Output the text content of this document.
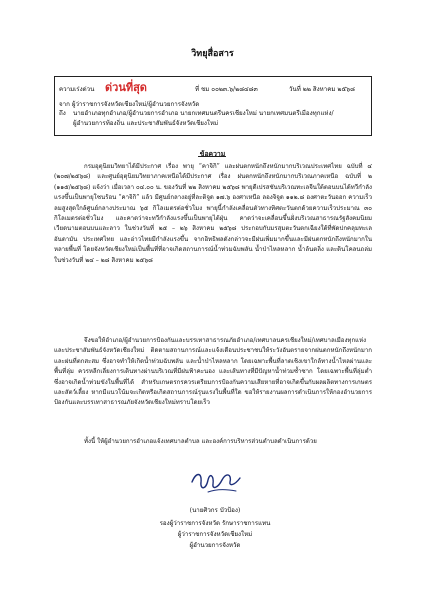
วิทยุสื่อสาร
ความเร่งด่วน ด่วนที่สุด	ที่ ชม ๐๐๒๓.๖/๒๘๔๘๓	วันที่ ๒๒ สิงหาคม ๒๕๖๘
จาก ผู้ว่าราชการจังหวัดเชียงใหม่/ผู้อำนวยการจังหวัด
ถึง นายอำเภอทุกอำเภอ/ผู้อำนวยการอำเภอ นายกเทศมนตรีนครเชียงใหม่ นายกเทศมนตรีเมืองทุกแห่ง/
ผู้อำนวยการท้องถิ่น และประชาสัมพันธ์จังหวัดเชียงใหม่
ข้อความ
กรมอุตุนิยมวิทยาได้มีประกาศ เรื่อง พายุ “คาจิกิ” และฝนตกหนักถึงหนักมากบริเวณประเทศไทย ฉบับที่ ๔ (๒๐๗/๒๕๖๘) และศูนย์อุตุนิยมวิทยาภาคเหนือได้มีประกาศ เรื่อง ฝนตกหนักถึงหนักมากบริเวณภาคเหนือ ฉบับที่ ๒ (๑๑๕/๒๕๖๘) แจ้งว่า เมื่อเวลา ๐๔.๐๐ น. ของวันที่ ๒๒ สิงหาคม ๒๕๖๘ พายุดีเปรสชันบริเวณทะเลจีนใต้ตอนบนได้ทวีกำลังแรงขึ้นเป็นพายุโซนร้อน “คาจิกิ” แล้ว มีศูนย์กลางอยู่ที่ละติจูด ๑๗.๖ องศาเหนือ ลองจิจูด ๑๑๒.๘ องศาตะวันออก ความเร็วลมสูงสุดใกล้ศูนย์กลางประมาณ ๖๕ กิโลเมตรต่อชั่วโมง พายุนี้กำลังเคลื่อนตัวทางทิศตะวันตกด้วยความเร็วประมาณ ๓๐ กิโลเมตรต่อชั่วโมง และคาดว่าจะทวีกำลังแรงขึ้นเป็นพายุไต้ฝุ่น คาดว่าจะเคลื่อนขึ้นฝั่งบริเวณสาธารณรัฐสังคมนิยมเวียดนามตอนบนและลาว ในช่วงวันที่ ๒๕ – ๒๖ สิงหาคม ๒๕๖๘ ประกอบกับมรสุมตะวันตกเฉียงใต้ที่พัดปกคลุมทะเลอันดามัน ประเทศไทย และอ่าวไทยมีกำลังแรงขึ้น จากอิทธิพลดังกล่าวจะมีฝนเพิ่มมากขึ้นและมีฝนตกหนักถึงหนักมากในหลายพื้นที่ โดยจังหวัดเชียงใหม่เป็นพื้นที่ที่อาจเกิดสถานการณ์น้ำท่วมฉับพลัน น้ำป่าไหลหลาก น้ำล้นตลิ่ง และดินโคลนถล่ม ในช่วงวันที่ ๒๔ – ๒๘ สิงหาคม ๒๕๖๘
จึงขอให้อำเภอ/ผู้อำนวยการป้องกันและบรรเทาสาธารณภัยอำเภอ/เทศบาลนครเชียงใหม่/เทศบาลเมืองทุกแห่ง และประชาสัมพันธ์จังหวัดเชียงใหม่ ติดตามสถานการณ์และแจ้งเตือนประชาชนให้ระวังอันตรายจากฝนตกหนักถึงหนักมากและฝนที่ตกสะสม ซึ่งอาจทำให้เกิดน้ำท่วมฉับพลัน และน้ำป่าไหลหลาก โดยเฉพาะพื้นที่ลาดเชิงเขาใกล้ทางน้ำไหลผ่านและพื้นที่ลุ่ม ควรหลีกเลี่ยงการเดินทางผ่านบริเวณที่มีฝนฟ้าคะนอง และเส้นทางที่มีปัญหาน้ำท่วมซ้ำซาก โดยเฉพาะพื้นที่ลุ่มต่ำ ซึ่งอาจเกิดน้ำท่วมขังในพื้นที่ได้ สำหรับเกษตรกรควรเตรียมการป้องกันความเสียหายที่อาจเกิดขึ้นกับผลผลิตทางการเกษตรและสัตว์เลี้ยง หากมีแนวโน้มจะเกิดหรือเกิดสถานการณ์รุนแรงในพื้นที่ใด ขอให้รายงานผลการดำเนินการให้กองอำนวยการป้องกันและบรรเทาสาธารณภัยจังหวัดเชียงใหม่ทราบโดยเร็ว
ทั้งนี้ ให้ผู้อำนวยการอำเภอแจ้งเทศบาลตำบล และองค์การบริหารส่วนตำบลดำเนินการด้วย
(นายศิวกร บัวป้อง)
รองผู้ว่าราชการจังหวัด รักษาราชการแทน
ผู้ว่าราชการจังหวัดเชียงใหม่
ผู้อำนวยการจังหวัด
